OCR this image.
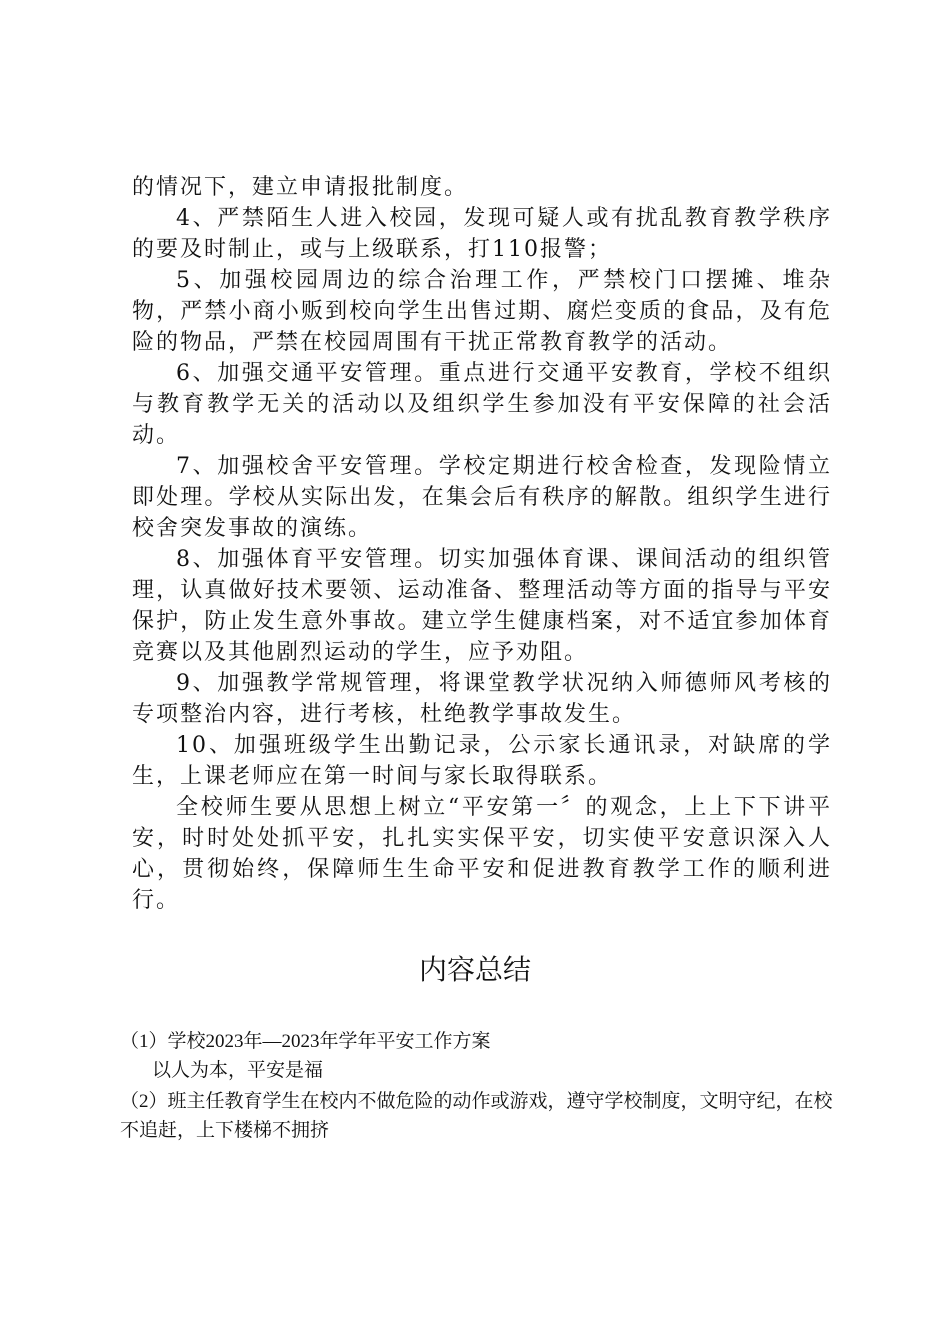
的情况下，建立申请报批制度。

4、严禁陌生人进入校园，发现可疑人或有扰乱教育教学秩序的要及时制止，或与上级联系，打110报警；

5、加强校园周边的综合治理工作，严禁校门口摆摊、堆杂物，严禁小商小贩到校向学生出售过期、腐烂变质的食品，及有危险的物品，严禁在校园周围有干扰正常教育教学的活动。

6、加强交通平安管理。重点进行交通平安教育，学校不组织与教育教学无关的活动以及组织学生参加没有平安保障的社会活动。

7、加强校舍平安管理。学校定期进行校舍检查，发现险情立即处理。学校从实际出发，在集会后有秩序的解散。组织学生进行校舍突发事故的演练。

8、加强体育平安管理。切实加强体育课、课间活动的组织管理，认真做好技术要领、运动准备、整理活动等方面的指导与平安保护，防止发生意外事故。建立学生健康档案，对不适宜参加体育竞赛以及其他剧烈运动的学生，应予劝阻。

9、加强教学常规管理，将课堂教学状况纳入师德师风考核的专项整治内容，进行考核，杜绝教学事故发生。

10、加强班级学生出勤记录，公示家长通讯录，对缺席的学生，上课老师应在第一时间与家长取得联系。

全校师生要从思想上树立“平安第一〞的观念，上上下下讲平安，时时处处抓平安，扎扎实实保平安，切实使平安意识深入人心，贯彻始终，保障师生生命平安和促进教育教学工作的顺利进行。

内容总结

（1）学校2023年—2023年学年平安工作方案

以人为本，平安是福

（2）班主任教育学生在校内不做危险的动作或游戏，遵守学校制度，文明守纪，在校不追赶，上下楼梯不拥挤
